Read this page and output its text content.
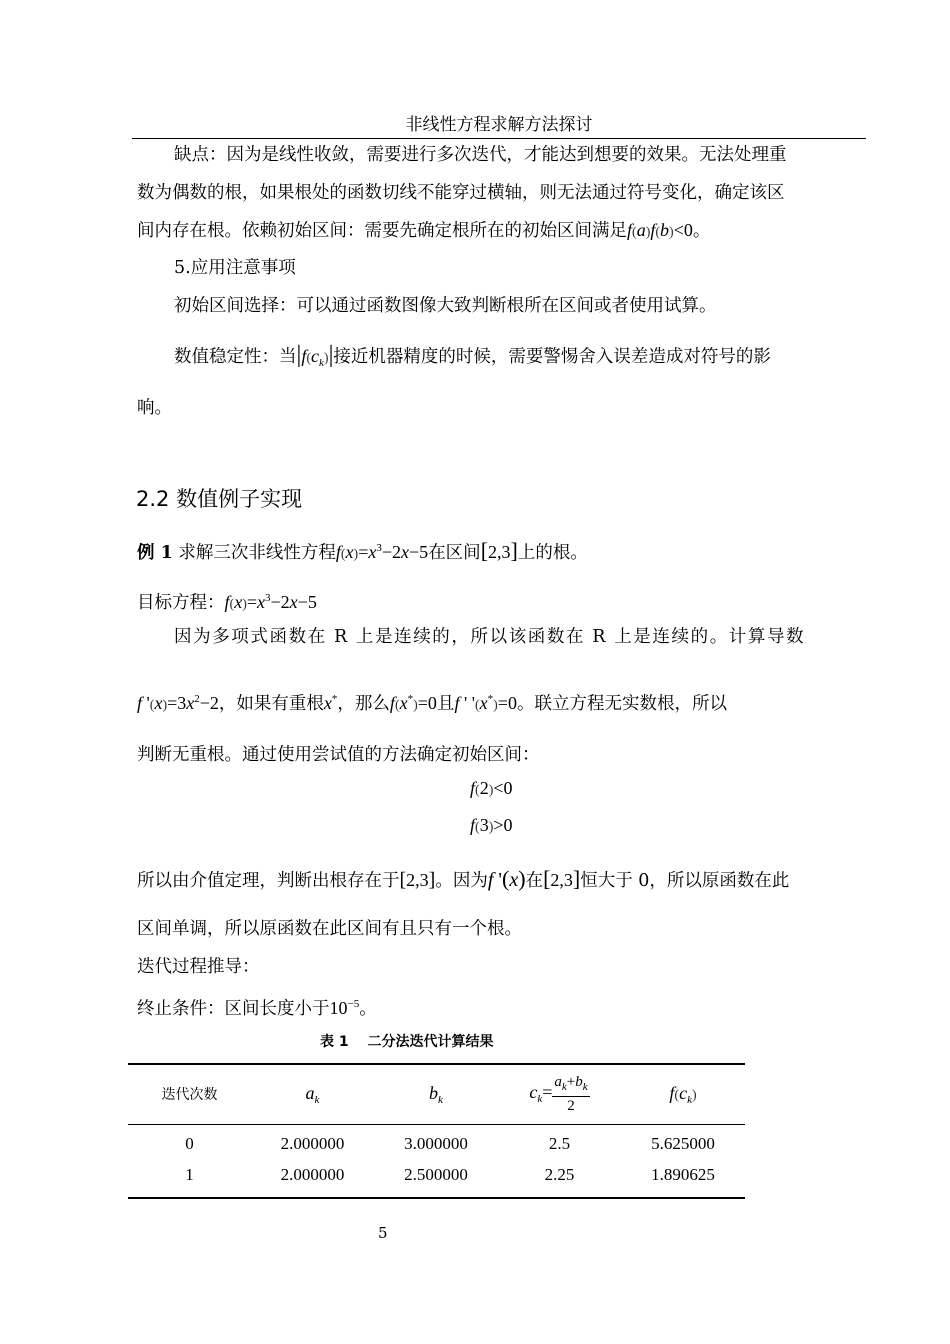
非线性方程求解方法探讨
缺点：因为是线性收敛，需要进行多次迭代，才能达到想要的效果。无法处理重
数为偶数的根，如果根处的函数切线不能穿过横轴，则无法通过符号变化，确定该区
间内存在根。依赖初始区间：需要先确定根所在的初始区间满足f(a)f(b)<0。
5.应用注意事项
初始区间选择：可以通过函数图像大致判断根所在区间或者使用试算。
数值稳定性：当$|f(c_k)|$接近机器精度的时候，需要警惕舍入误差造成对符号的影
响。
2.2 数值例子实现
例 1 求解三次非线性方程$f(x)=x^3-2x-5$在区间[2,3]上的根。
目标方程：$f(x)=x^3-2x-5$
因为多项式函数在 R 上是连续的，所以该函数在 R 上是连续的。计算导数
f '$(x)=3x^2-2$，如果有重根x*，那么f(x*)=0且f ' '(x*)=0。联立方程无实数根，所以
判断无重根。通过使用尝试值的方法确定初始区间：
f(2)<0
f(3)>0
所以由介值定理，判断出根存在于[2,3]。因为f '(x)在[2,3]恒大于 0，所以原函数在此
区间单调，所以原函数在此区间有且只有一个根。
迭代过程推导：
终止条件：区间长度小于$10^{-5}$。
表 1　 二分法迭代计算结果
迭代次数	$a_k$	$b_k$	$c_k= \frac{a_k+b_k}{2}$	$f(c_k)$
0	2.000000	3.000000	2.5	5.625000
1	2.000000	2.500000	2.25	1.890625
5
